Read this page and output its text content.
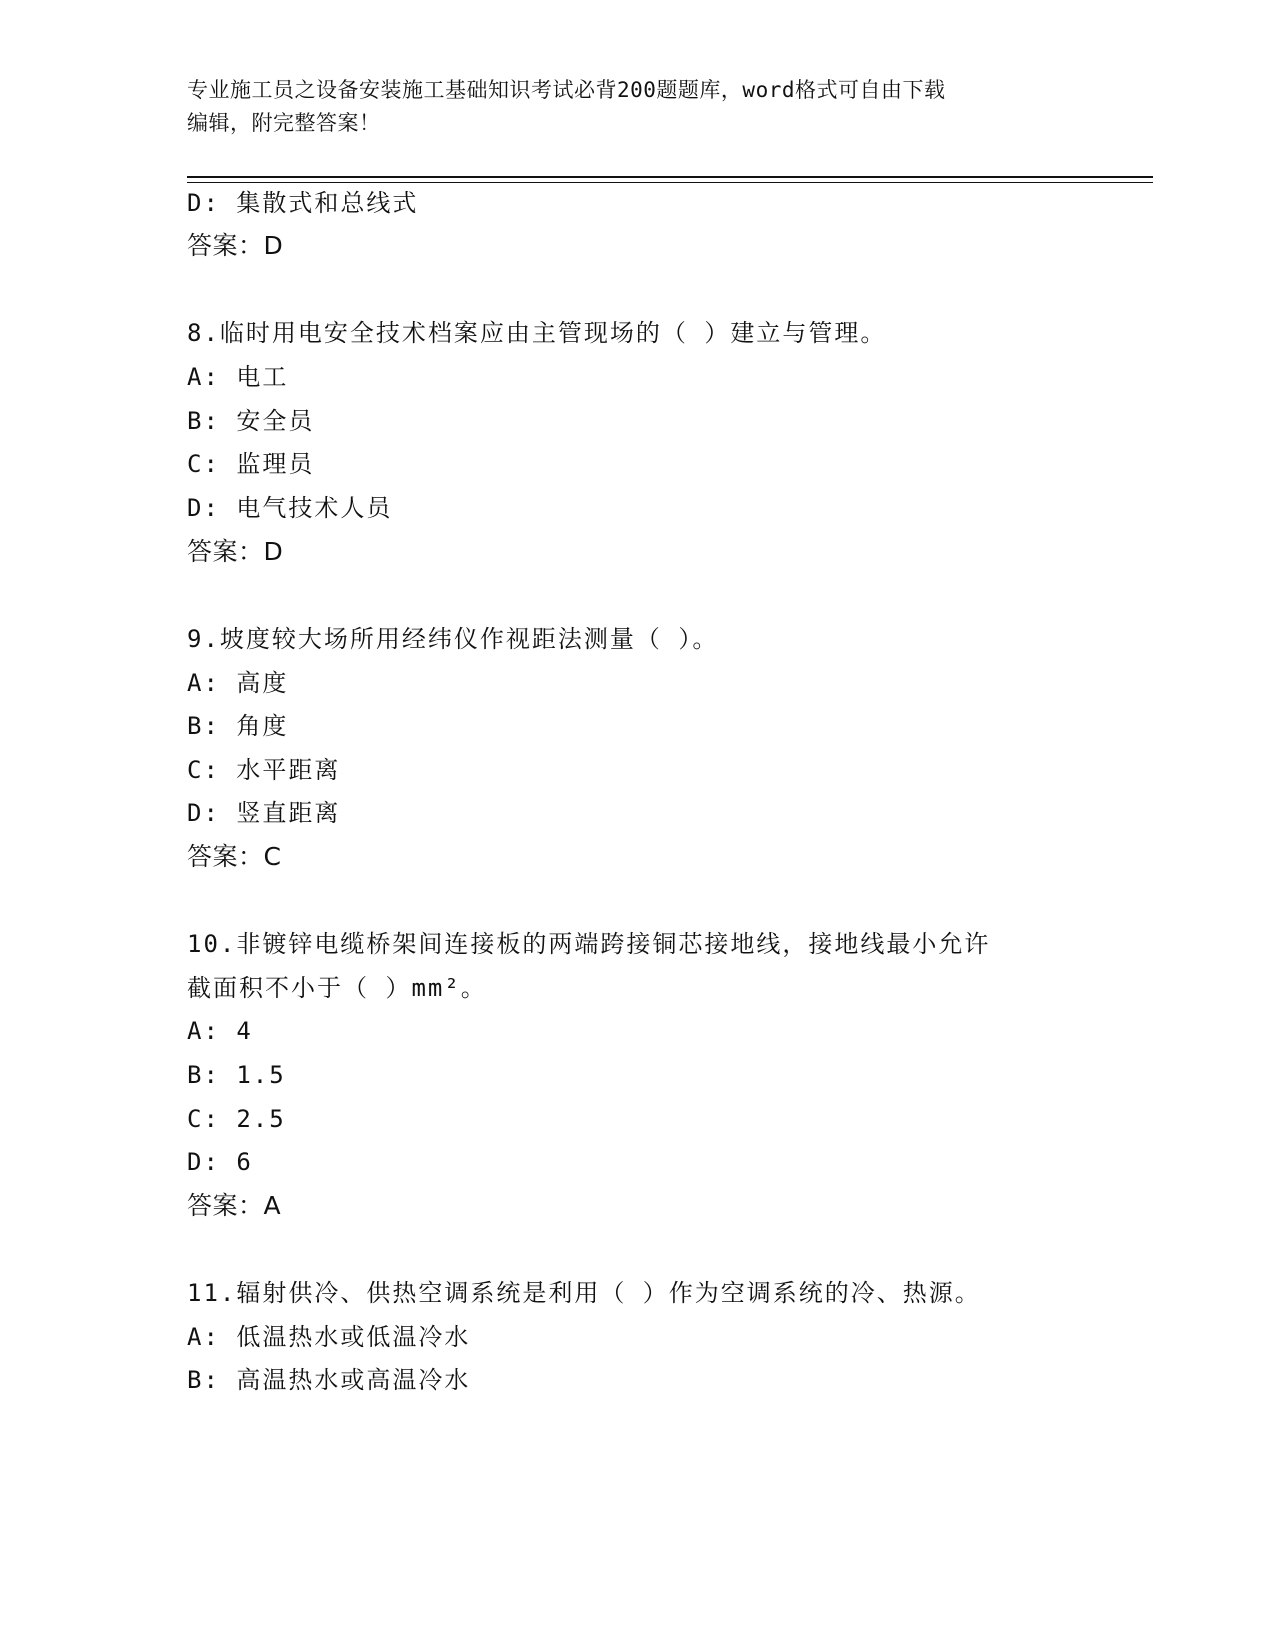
专业施工员之设备安装施工基础知识考试必背200题题库，word格式可自由下载
编辑，附完整答案！
D: 集散式和总线式
答案：D
8.临时用电安全技术档案应由主管现场的（ ）建立与管理。
A: 电工
B: 安全员
C: 监理员
D: 电气技术人员
答案：D
9.坡度较大场所用经纬仪作视距法测量（ ）。
A: 高度
B: 角度
C: 水平距离
D: 竖直距离
答案：C
10.非镀锌电缆桥架间连接板的两端跨接铜芯接地线，接地线最小允许
截面积不小于（ ）mm²。
A: 4
B: 1.5
C: 2.5
D: 6
答案：A
11.辐射供冷、供热空调系统是利用（ ）作为空调系统的冷、热源。
A: 低温热水或低温冷水
B: 高温热水或高温冷水
